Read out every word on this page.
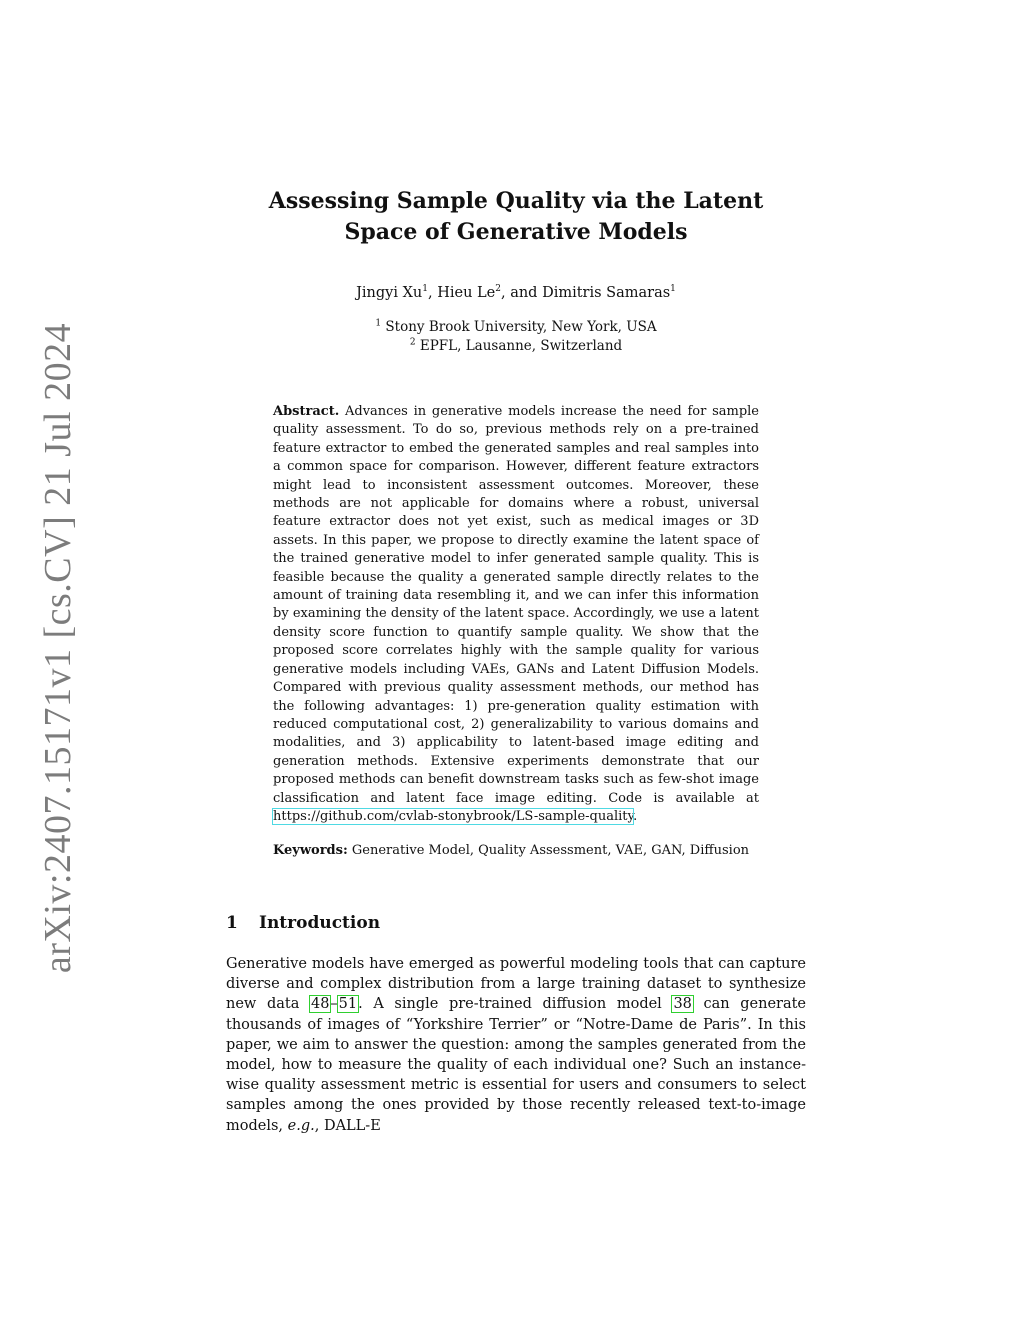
arXiv:2407.15171v1 [cs.CV] 21 Jul 2024
Assessing Sample Quality via the Latent
Space of Generative Models
Jingyi Xu$^1$, Hieu Le$^2$, and Dimitris Samaras$^1$
$^1$ Stony Brook University, New York, USA
$^2$ EPFL, Lausanne, Switzerland
Abstract. Advances in generative models increase the need for sample quality assessment. To do so, previous methods rely on a pre-trained feature extractor to embed the generated samples and real samples into a common space for comparison. However, different feature extractors might lead to inconsistent assessment outcomes. Moreover, these methods are not applicable for domains where a robust, universal feature extractor does not yet exist, such as medical images or 3D assets. In this paper, we propose to directly examine the latent space of the trained generative model to infer generated sample quality. This is feasible because the quality a generated sample directly relates to the amount of training data resembling it, and we can infer this information by examining the density of the latent space. Accordingly, we use a latent density score function to quantify sample quality. We show that the proposed score correlates highly with the sample quality for various generative models including VAEs, GANs and Latent Diffusion Models. Compared with previous quality assessment methods, our method has the following advantages: 1) pre-generation quality estimation with reduced computational cost, 2) generalizability to various domains and modalities, and 3) applicability to latent-based image editing and generation methods. Extensive experiments demonstrate that our proposed methods can benefit downstream tasks such as few-shot image classification and latent face image editing. Code is available at https://github.com/cvlab-stonybrook/LS-sample-quality.
Keywords: Generative Model, Quality Assessment, VAE, GAN, Diffusion
1 Introduction
Generative models have emerged as powerful modeling tools that can capture diverse and complex distribution from a large training dataset to synthesize new data 48–51. A single pre-trained diffusion model 38 can generate thousands of images of “Yorkshire Terrier” or “Notre-Dame de Paris”. In this paper, we aim to answer the question: among the samples generated from the model, how to measure the quality of each individual one? Such an instance-wise quality assessment metric is essential for users and consumers to select samples among the ones provided by those recently released text-to-image models, e.g., DALL-E
